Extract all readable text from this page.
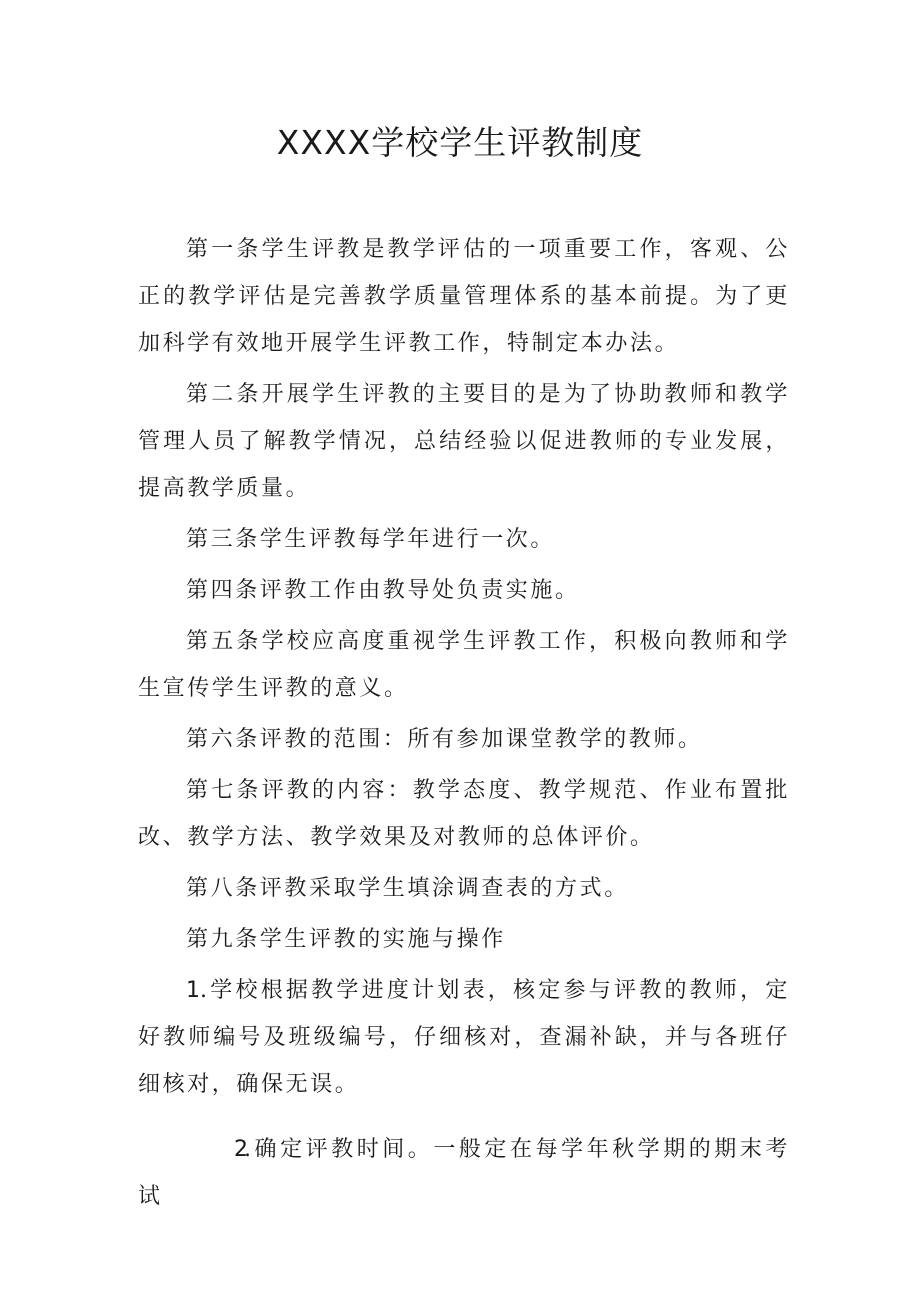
XXXX学校学生评教制度

第一条学生评教是教学评估的一项重要工作，客观、公正的教学评估是完善教学质量管理体系的基本前提。为了更加科学有效地开展学生评教工作，特制定本办法。

第二条开展学生评教的主要目的是为了协助教师和教学管理人员了解教学情况，总结经验以促进教师的专业发展，提高教学质量。

第三条学生评教每学年进行一次。

第四条评教工作由教导处负责实施。

第五条学校应高度重视学生评教工作，积极向教师和学生宣传学生评教的意义。

第六条评教的范围：所有参加课堂教学的教师。

第七条评教的内容：教学态度、教学规范、作业布置批改、教学方法、教学效果及对教师的总体评价。

第八条评教采取学生填涂调查表的方式。

第九条学生评教的实施与操作

1.学校根据教学进度计划表，核定参与评教的教师，定好教师编号及班级编号，仔细核对，查漏补缺，并与各班仔细核对，确保无误。

2.确定评教时间。一般定在每学年秋学期的期末考试
